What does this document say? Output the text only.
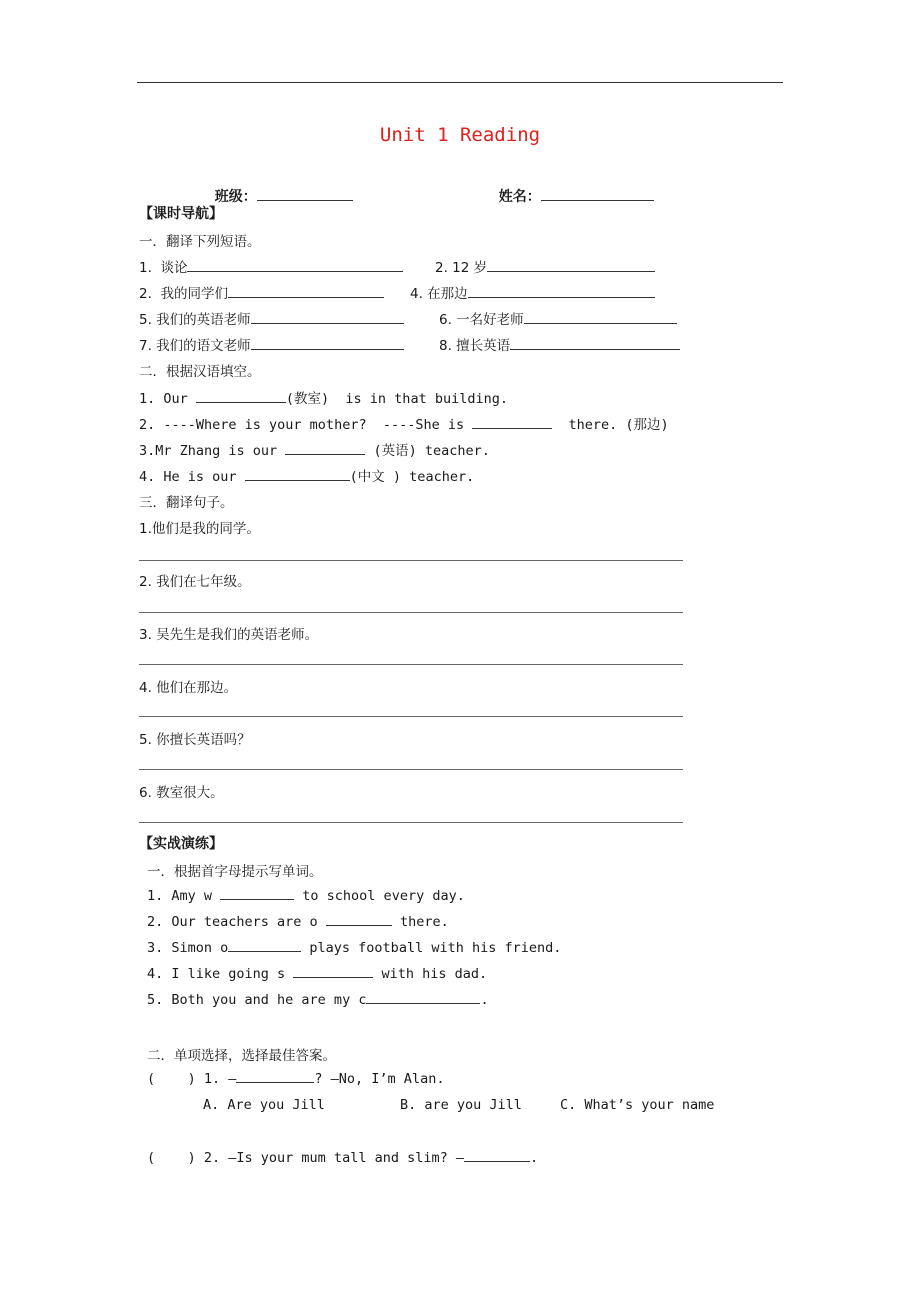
Unit 1 Reading

班级：	姓名：

【课时导航】
一．翻译下列短语。
1.  谈论	2. 12 岁
2.  我的同学们	4. 在那边
5. 我们的英语老师	6. 一名好老师
7. 我们的语文老师	8. 擅长英语
二．根据汉语填空。
1. Our	(教室)  is in that building.
2. ----Where is your mother?  ----She is	there. (那边)
3.Mr Zhang is our	(英语) teacher.
4. He is our	(中文 ) teacher.
三．翻译句子。
1.他们是我的同学。
2. 我们在七年级。
3. 吴先生是我们的英语老师。
4. 他们在那边。
5. 你擅长英语吗？
6. 教室很大。
【实战演练】
一．根据首字母提示写单词。
1. Amy w	to school every day.
2. Our teachers are o	there.
3. Simon o	plays football with his friend.
4. I like going s	with his dad.
5. Both you and he are my c	.
二．单项选择，选择最佳答案。
(    ) 1. —	? —No, I’m Alan.
A. Are you Jill	B. are you Jill	C. What’s your name
(    ) 2. —Is your mum tall and slim? —	.
